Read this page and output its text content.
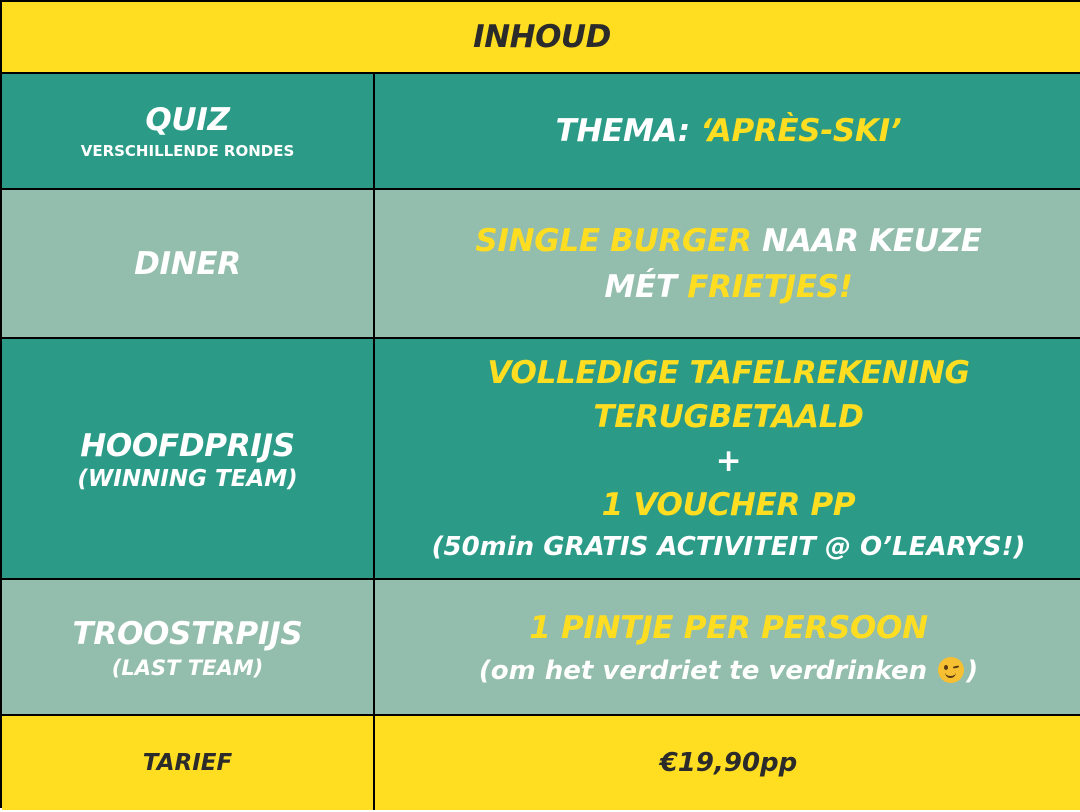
INHOUD
QUIZ
VERSCHILLENDE RONDES
THEMA: ‘APRÈS-SKI’
DINER
SINGLE BURGER NAAR KEUZE
MÉT FRIETJES!
HOOFDPRIJS
(WINNING TEAM)
VOLLEDIGE TAFELREKENING
TERUGBETAALD
+
1 VOUCHER PP
(50min GRATIS ACTIVITEIT @ O’LEARYS!)
TROOSTRPIJS
(LAST TEAM)
1 PINTJE PER PERSOON
(om het verdriet te verdrinken
)
TARIEF	€19,90pp
